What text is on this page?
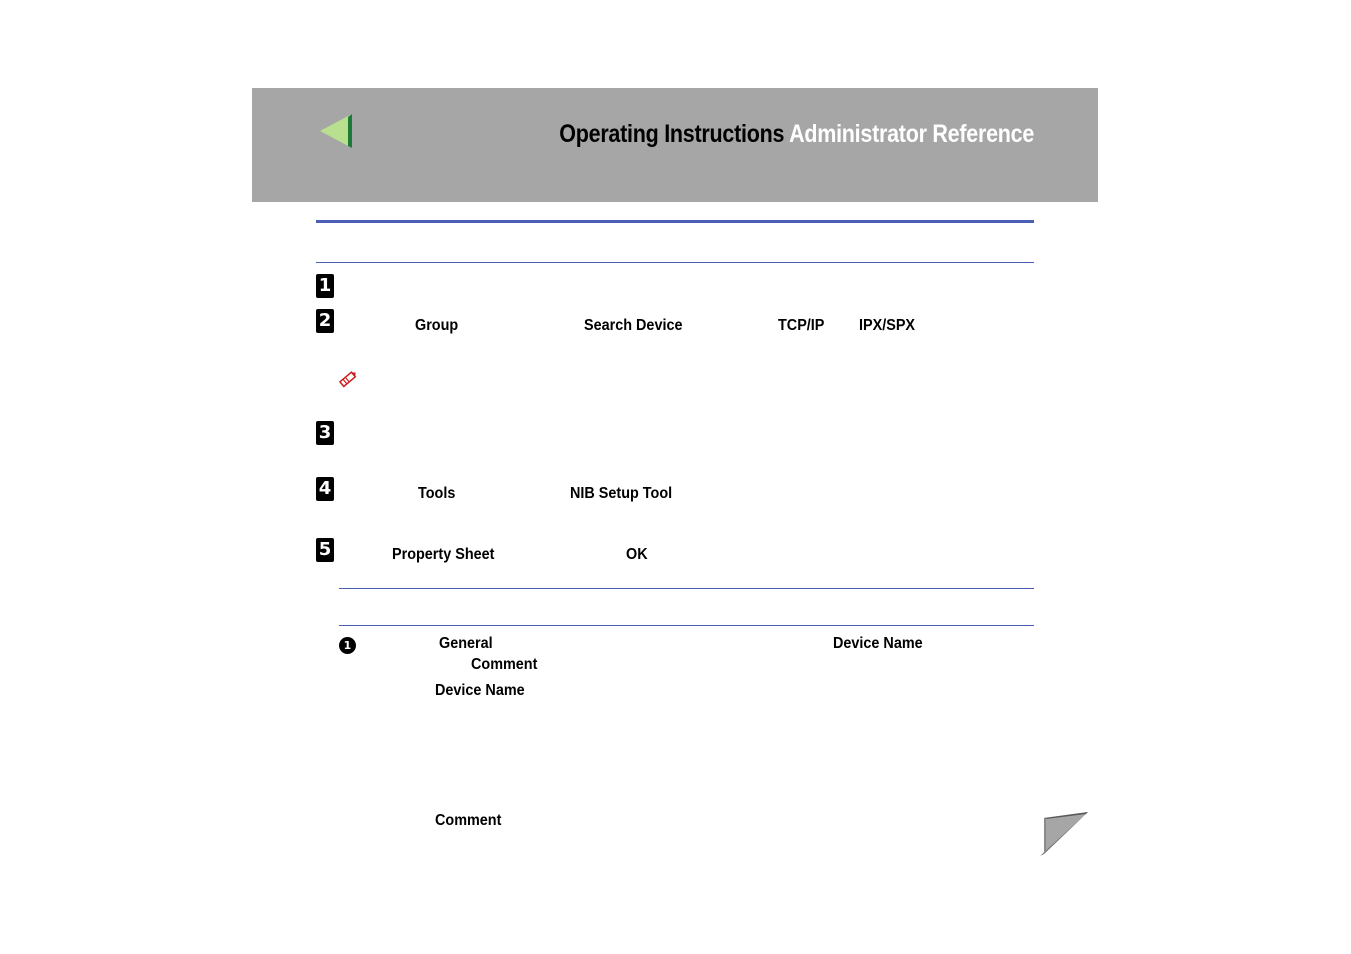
Operating Instructions Administrator Reference
1
2	Group	Search Device	TCP/IP IPX/SPX
3
4	Tools	NIB Setup Tool
5	Property Sheet	OK
1	General	Device Name
Comment
Device Name
Comment
